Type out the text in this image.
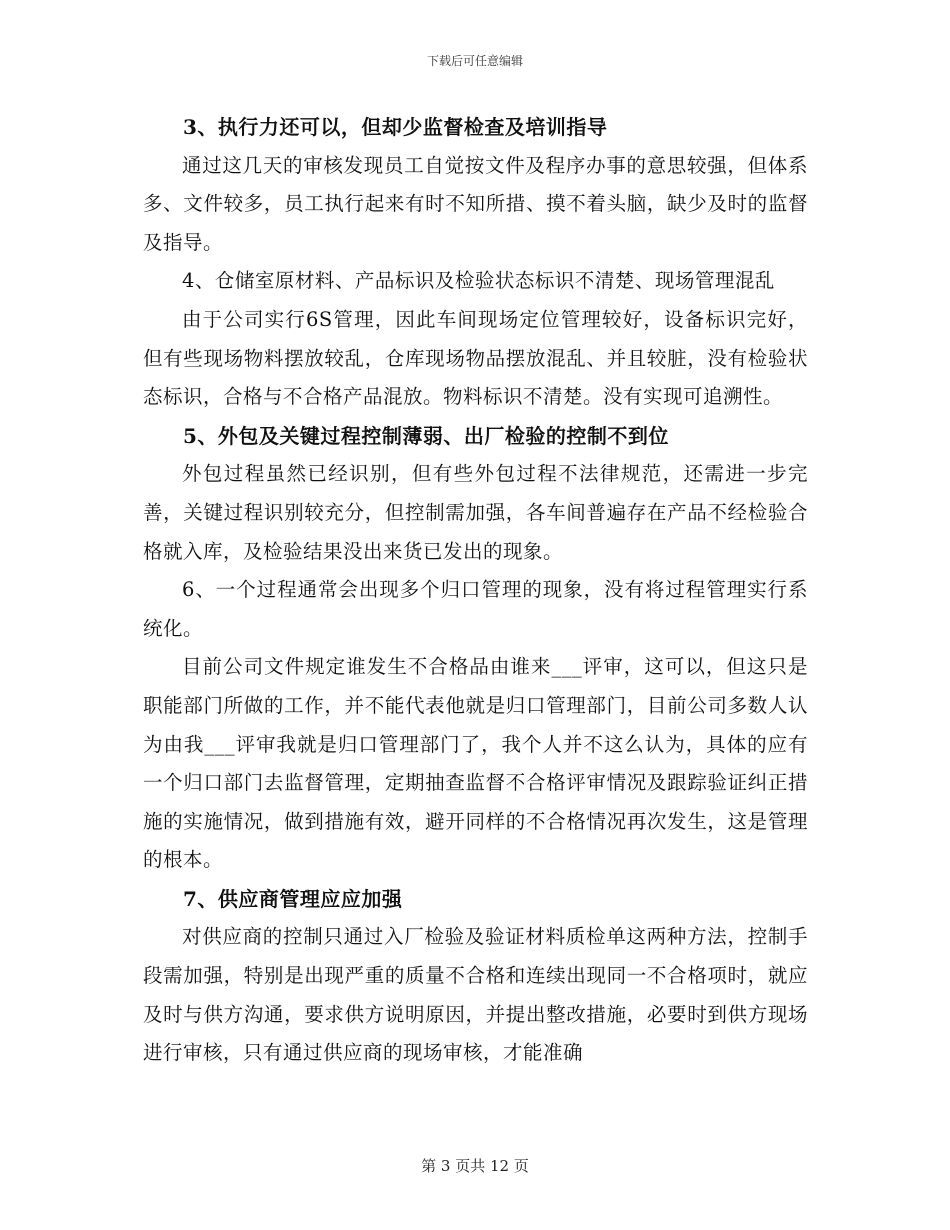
下载后可任意编辑

3、执行力还可以，但却少监督检查及培训指导

通过这几天的审核发现员工自觉按文件及程序办事的意思较强，但体系多、文件较多，员工执行起来有时不知所措、摸不着头脑，缺少及时的监督及指导。

4、仓储室原材料、产品标识及检验状态标识不清楚、现场管理混乱

由于公司实行6S管理，因此车间现场定位管理较好，设备标识完好，但有些现场物料摆放较乱，仓库现场物品摆放混乱、并且较脏，没有检验状态标识，合格与不合格产品混放。物料标识不清楚。没有实现可追溯性。

5、外包及关键过程控制薄弱、出厂检验的控制不到位

外包过程虽然已经识别，但有些外包过程不法律规范，还需进一步完善，关键过程识别较充分，但控制需加强，各车间普遍存在产品不经检验合格就入库，及检验结果没出来货已发出的现象。

6、一个过程通常会出现多个归口管理的现象，没有将过程管理实行系统化。

目前公司文件规定谁发生不合格品由谁来___评审，这可以，但这只是职能部门所做的工作，并不能代表他就是归口管理部门，目前公司多数人认为由我___评审我就是归口管理部门了，我个人并不这么认为，具体的应有一个归口部门去监督管理，定期抽查监督不合格评审情况及跟踪验证纠正措施的实施情况，做到措施有效，避开同样的不合格情况再次发生，这是管理的根本。

7、供应商管理应应加强

对供应商的控制只通过入厂检验及验证材料质检单这两种方法，控制手段需加强，特别是出现严重的质量不合格和连续出现同一不合格项时，就应及时与供方沟通，要求供方说明原因，并提出整改措施，必要时到供方现场进行审核，只有通过供应商的现场审核，才能准确

第 3 页共 12 页
